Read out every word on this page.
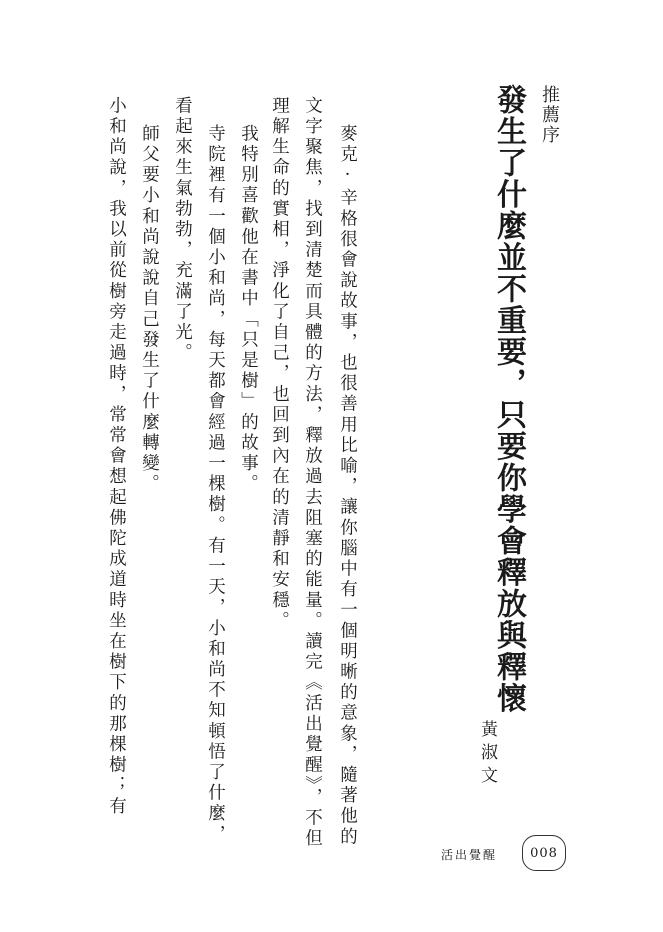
推薦序
發生了什麼並不重要，只要你學會釋放與釋懷
黃淑文
麥克·辛格很會說故事，也很善用比喻，讓你腦中有一個明晰的意象，隨著他的
文字聚焦，找到清楚而具體的方法，釋放過去阻塞的能量。讀完《活出覺醒》，不但
理解生命的實相，淨化了自己，也回到內在的清靜和安穩。
我特別喜歡他在書中「只是樹」的故事。
寺院裡有一個小和尚，每天都會經過一棵樹。有一天，小和尚不知頓悟了什麼，
看起來生氣勃勃，充滿了光。
師父要小和尚說說自己發生了什麼轉變。
小和尚說，我以前從樹旁走過時，常常會想起佛陀成道時坐在樹下的那棵樹；有
活出覺醒	008
